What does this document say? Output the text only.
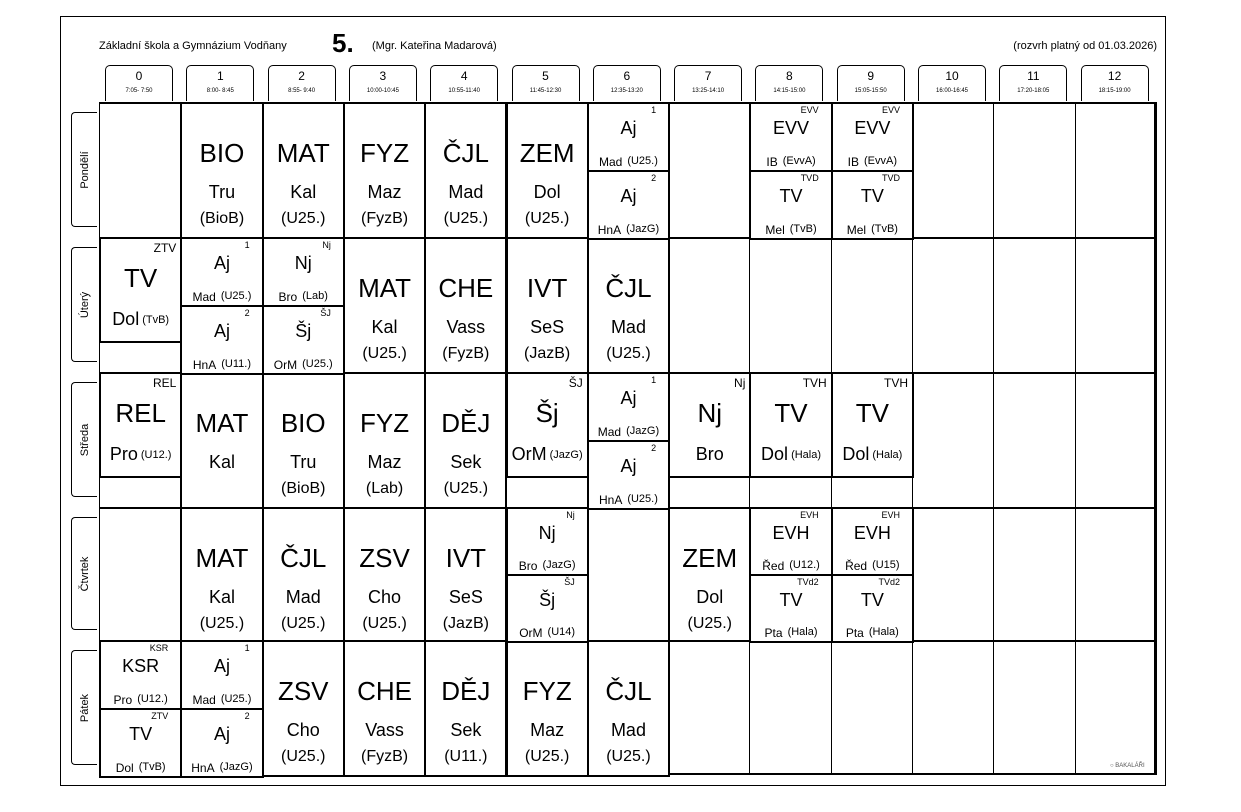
Základní škola a Gymnázium Vodňany 5. (Mgr. Kateřina Madarová)	(rozvrh platný od 01.03.2026)
0
7:05- 7:50
1
8:00- 8:45
2
8:55- 9:40
3
10:00-10:45
4
10:55-11:40
5
11:45-12:30
6
12:35-13:20
7
13:25-14:10
8
14:15-15:00
9
15:05-15:50
10
16:00-16:45
11
17:20-18:05
12
18:15-19:00
Pondělí
Úterý
Středa
Čtvrtek
Pátek
BIO
Tru
(BioB)
MAT
Kal
(U25.)
FYZ
Maz
(FyzB)
ČJL
Mad
(U25.)
ZEM
Dol
(U25.)
MAT
Kal
(U25.)
CHE
Vass
(FyzB)
IVT
SeS
(JazB)
ČJL
Mad
(U25.)
MAT
Kal
BIO
Tru
(BioB)
FYZ
Maz
(Lab)
DĚJ
Sek
(U25.)
MAT
Kal
(U25.)
ČJL
Mad
(U25.)
ZSV
Cho
(U25.)
IVT
SeS
(JazB)
ZEM
Dol
(U25.)
ZSV
Cho
(U25.)
CHE
Vass
(FyzB)
DĚJ
Sek
(U11.)
FYZ
Maz
(U25.)
ČJL
Mad
(U25.)
ZTV
TV
Dol (TvB)
REL
REL
Pro (U12.)
ŠJ
Šj
OrM (JazG)
Nj
Nj
Bro
TVH
TV
Dol (Hala)
TVH
TV
Dol (Hala)
1
Aj
Mad (U25.)
2
Aj
HnA (JazG)
EVV
EVV
IB (EvvA)
TVD
TV
Mel (TvB)
EVV
EVV
IB (EvvA)
TVD
TV
Mel (TvB)
1
Aj
Mad (U25.)
2
Aj
HnA (U11.)
Nj
Nj
Bro (Lab)
ŠJ
Šj
OrM (U25.)
1
Aj
Mad (JazG)
2
Aj
HnA (U25.)
Nj
Nj
Bro (JazG)
ŠJ
Šj
OrM (U14)
EVH
EVH
Řed (U12.)
TVd2
TV
Pta (Hala)
EVH
EVH
Řed (U15)
TVd2
TV
Pta (Hala)
KSR
KSR
Pro (U12.)
ZTV
TV
Dol (TvB)
1
Aj
Mad (U25.)
2
Aj
HnA (JazG)	○ BAKALÁŘI
